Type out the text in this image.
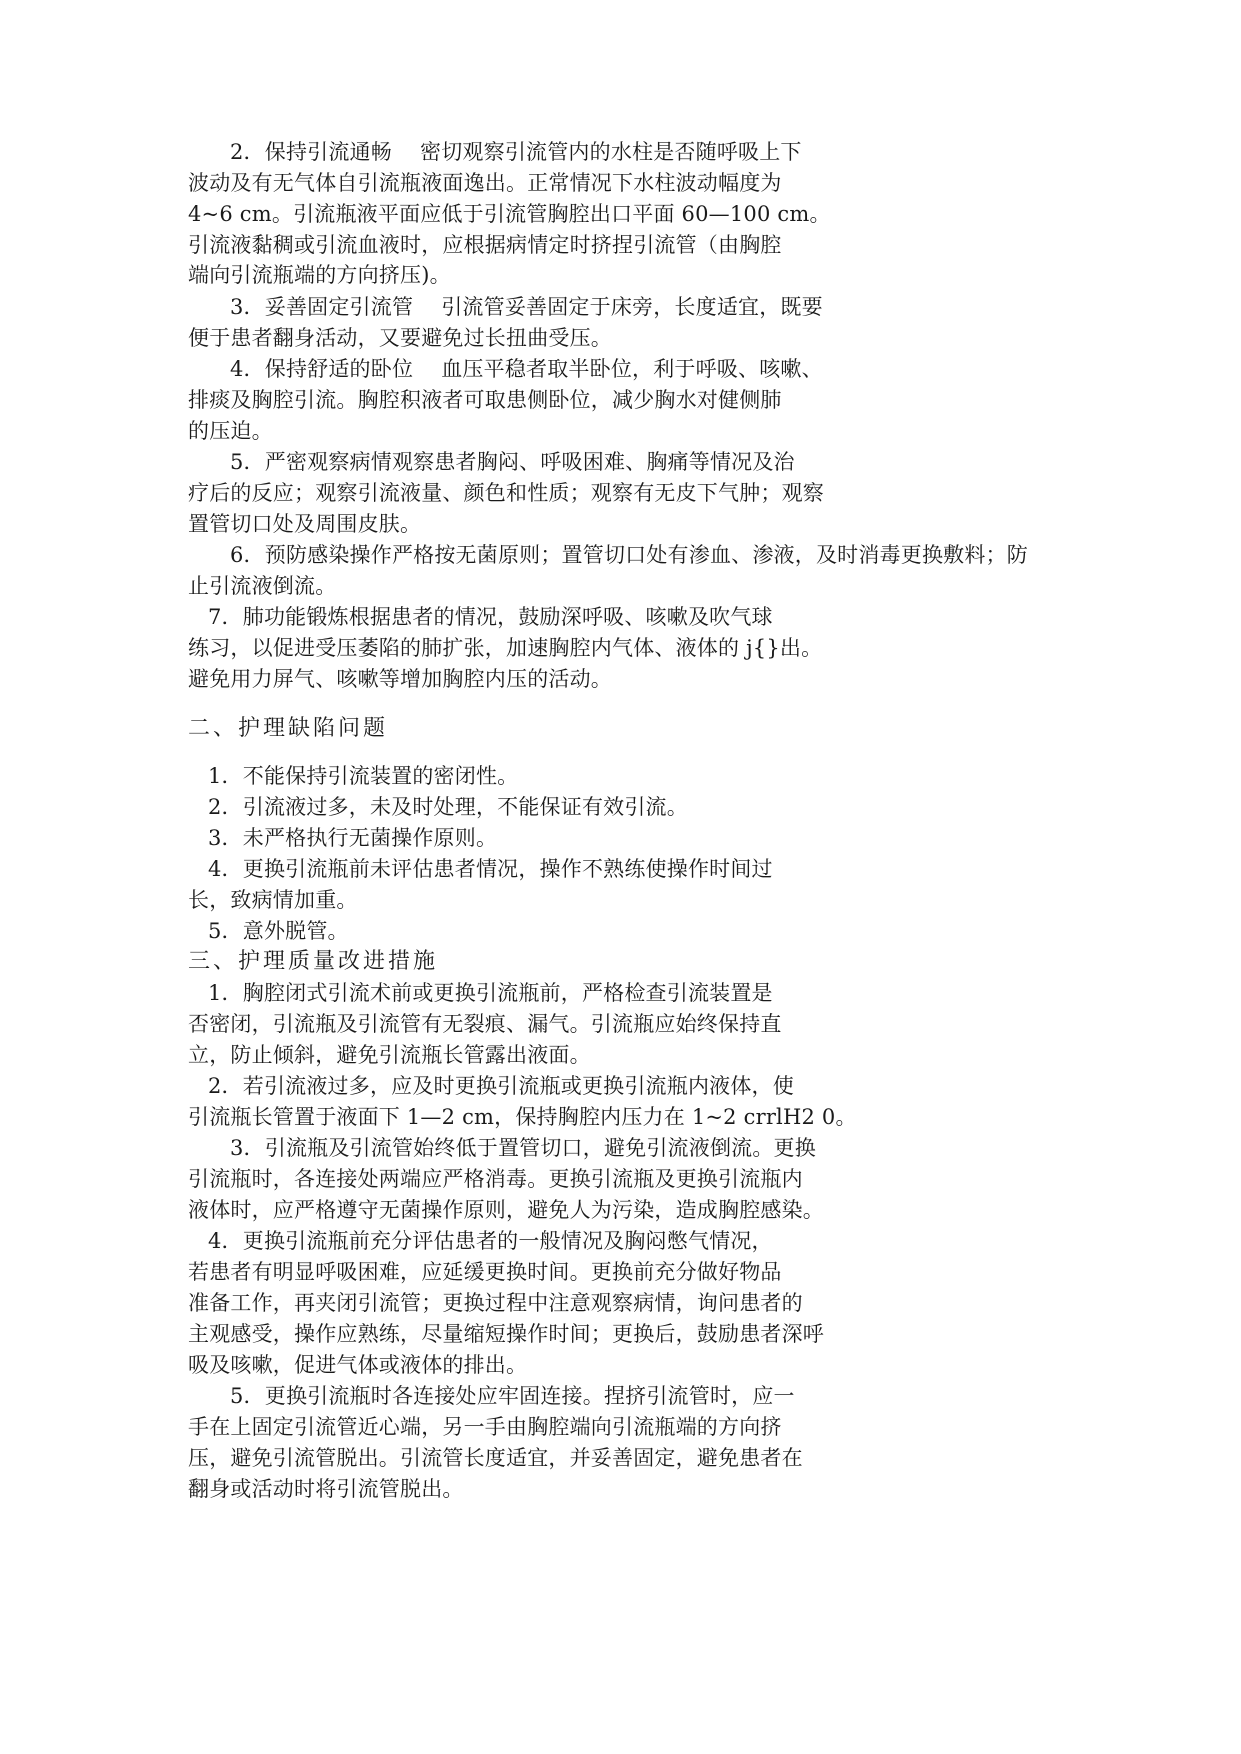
2．保持引流通畅　 密切观察引流管内的水柱是否随呼吸上下
波动及有无气体自引流瓶液面逸出。正常情况下水柱波动幅度为
4~6 cm。引流瓶液平面应低于引流管胸腔出口平面 60—100 cm。
引流液黏稠或引流血液时，应根据病情定时挤捏引流管（由胸腔
端向引流瓶端的方向挤压)。
3．妥善固定引流管　 引流管妥善固定于床旁，长度适宜，既要
便于患者翻身活动，又要避免过长扭曲受压。
4．保持舒适的卧位　 血压平稳者取半卧位，利于呼吸、咳嗽、
排痰及胸腔引流。胸腔积液者可取患侧卧位，减少胸水对健侧肺
的压迫。
5．严密观察病情观察患者胸闷、呼吸困难、胸痛等情况及治
疗后的反应；观察引流液量、颜色和性质；观察有无皮下气肿；观察
置管切口处及周围皮肤。
6．预防感染操作严格按无菌原则；置管切口处有渗血、渗液，及时消毒更换敷料；防
止引流液倒流。
7．肺功能锻炼根据患者的情况，鼓励深呼吸、咳嗽及吹气球
练习，以促进受压萎陷的肺扩张，加速胸腔内气体、液体的 j{}出。
避免用力屏气、咳嗽等增加胸腔内压的活动。
二、护理缺陷问题
1．不能保持引流装置的密闭性。
2．引流液过多，未及时处理，不能保证有效引流。
3．未严格执行无菌操作原则。
4．更换引流瓶前未评估患者情况，操作不熟练使操作时间过
长，致病情加重。
5．意外脱管。
三、护理质量改进措施
1．胸腔闭式引流术前或更换引流瓶前，严格检查引流装置是
否密闭，引流瓶及引流管有无裂痕、漏气。引流瓶应始终保持直
立，防止倾斜，避免引流瓶长管露出液面。
2．若引流液过多，应及时更换引流瓶或更换引流瓶内液体，使
引流瓶长管置于液面下 1—2 cm，保持胸腔内压力在 1~2 crrlH2 0。
3．引流瓶及引流管始终低于置管切口，避免引流液倒流。更换
引流瓶时，各连接处两端应严格消毒。更换引流瓶及更换引流瓶内
液体时，应严格遵守无菌操作原则，避免人为污染，造成胸腔感染。
4．更换引流瓶前充分评估患者的一般情况及胸闷憋气情况，
若患者有明显呼吸困难，应延缓更换时间。更换前充分做好物品
准备工作，再夹闭引流管；更换过程中注意观察病情，询问患者的
主观感受，操作应熟练，尽量缩短操作时间；更换后，鼓励患者深呼
吸及咳嗽，促进气体或液体的排出。
5．更换引流瓶时各连接处应牢固连接。捏挤引流管时，应一
手在上固定引流管近心端，另一手由胸腔端向引流瓶端的方向挤
压，避免引流管脱出。引流管长度适宜，并妥善固定，避免患者在
翻身或活动时将引流管脱出。
